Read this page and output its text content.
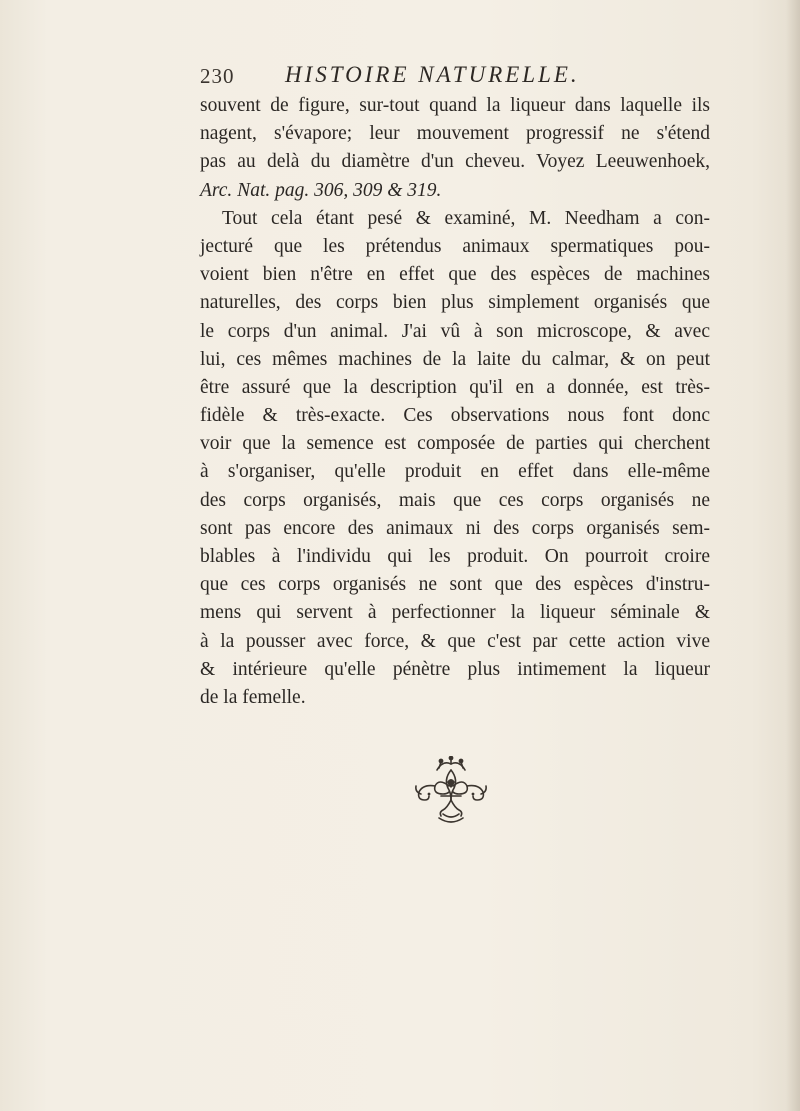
230 HISTOIRE NATURELLE.
souvent de figure, sur-tout quand la liqueur dans laquelle ils
nagent, s'évapore; leur mouvement progressif ne s'étend
pas au delà du diamètre d'un cheveu. Voyez Leeuwenhoek,
Arc. Nat. pag. 306, 309 & 319.
Tout cela étant pesé & examiné, M. Needham a con-
jecturé que les prétendus animaux spermatiques pou-
voient bien n'être en effet que des espèces de machines
naturelles, des corps bien plus simplement organisés que
le corps d'un animal. J'ai vû à son microscope, & avec
lui, ces mêmes machines de la laite du calmar, & on peut
être assuré que la description qu'il en a donnée, est très-
fidèle & très-exacte. Ces observations nous font donc
voir que la semence est composée de parties qui cherchent
à s'organiser, qu'elle produit en effet dans elle-même
des corps organisés, mais que ces corps organisés ne
sont pas encore des animaux ni des corps organisés sem-
blables à l'individu qui les produit. On pourroit croire
que ces corps organisés ne sont que des espèces d'instru-
mens qui servent à perfectionner la liqueur séminale &
à la pousser avec force, & que c'est par cette action vive
& intérieure qu'elle pénètre plus intimement la liqueur
de la femelle.
